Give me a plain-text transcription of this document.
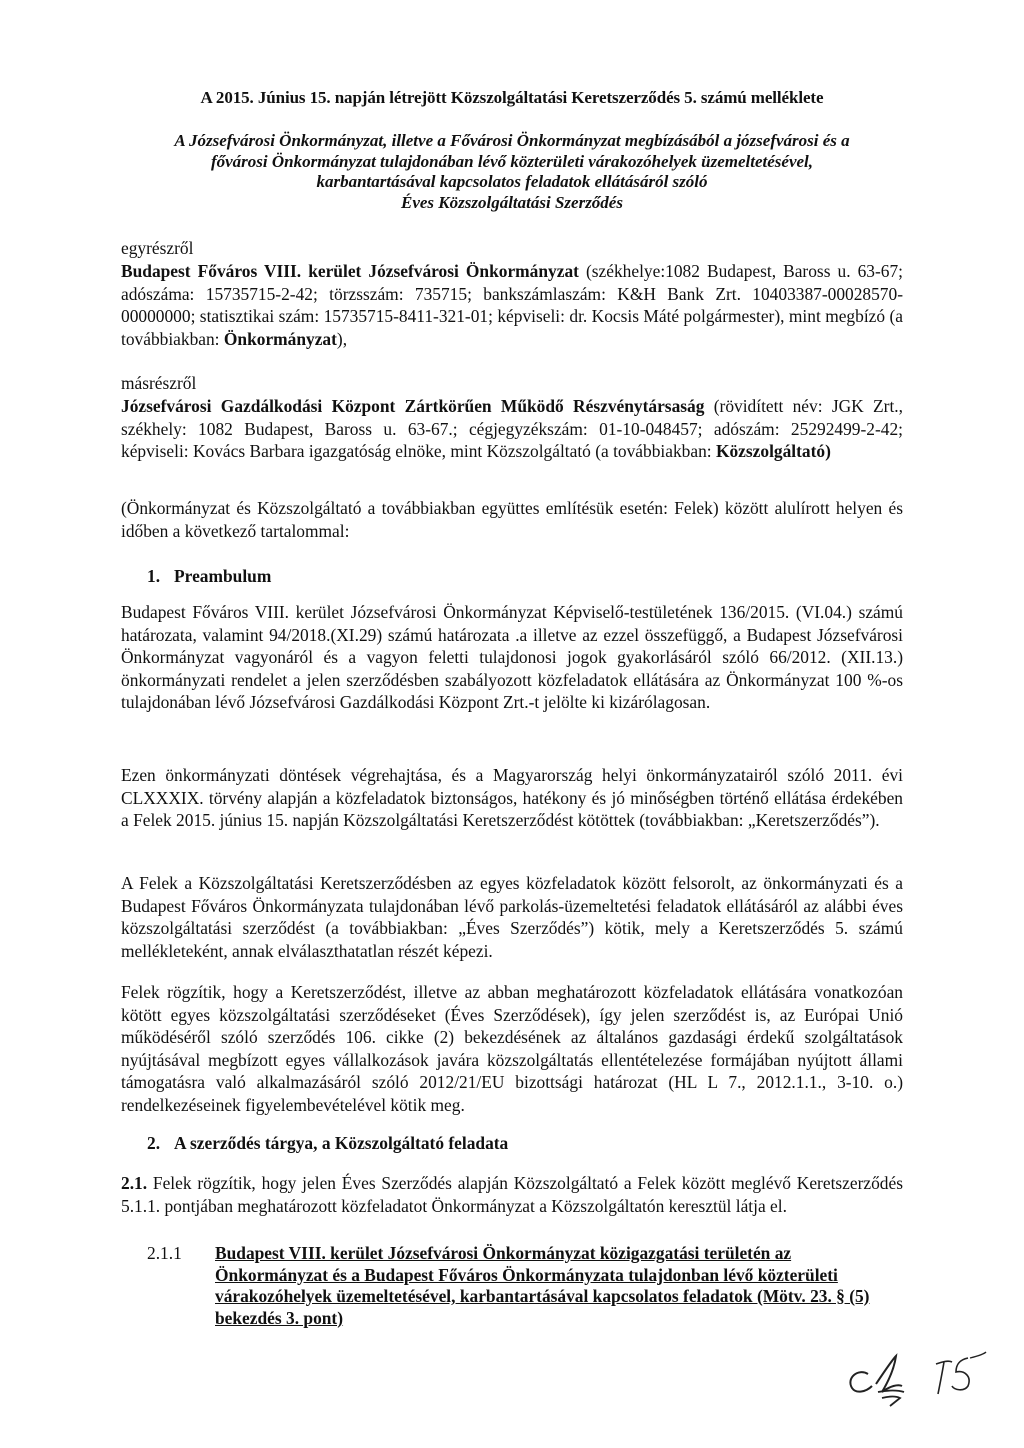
A 2015. Június 15. napján létrejött Közszolgáltatási Keretszerződés 5. számú melléklete

A Józsefvárosi Önkormányzat, illetve a Fővárosi Önkormányzat megbízásából a józsefvárosi és a
fővárosi Önkormányzat tulajdonában lévő közterületi várakozóhelyek üzemeltetésével,
karbantartásával kapcsolatos feladatok ellátásáról szóló
Éves Közszolgáltatási Szerződés

egyrészről

Budapest Főváros VIII. kerület Józsefvárosi Önkormányzat (székhelye:1082 Budapest, Baross u. 63-67; adószáma: 15735715-2-42; törzsszám: 735715; bankszámlaszám: K&H Bank Zrt. 10403387-00028570-00000000; statisztikai szám: 15735715-8411-321-01; képviseli: dr. Kocsis Máté polgármester), mint megbízó (a továbbiakban: Önkormányzat),

másrészről

Józsefvárosi Gazdálkodási Központ Zártkörűen Működő Részvénytársaság (rövidített név: JGK Zrt., székhely: 1082 Budapest, Baross u. 63-67.; cégjegyzékszám: 01-10-048457; adószám: 25292499-2-42; képviseli: Kovács Barbara igazgatóság elnöke, mint Közszolgáltató (a továbbiakban: Közszolgáltató)

(Önkormányzat és Közszolgáltató a továbbiakban együttes említésük esetén: Felek) között alulírott helyen és időben a következő tartalommal:

1. Preambulum

Budapest Főváros VIII. kerület Józsefvárosi Önkormányzat Képviselő-testületének 136/2015. (VI.04.) számú határozata, valamint 94/2018.(XI.29) számú határozata .a illetve az ezzel összefüggő, a Budapest Józsefvárosi Önkormányzat vagyonáról és a vagyon feletti tulajdonosi jogok gyakorlásáról szóló 66/2012. (XII.13.) önkormányzati rendelet a jelen szerződésben szabályozott közfeladatok ellátására az Önkormányzat 100 %-os tulajdonában lévő Józsefvárosi Gazdálkodási Központ Zrt.-t jelölte ki kizárólagosan.

Ezen önkormányzati döntések végrehajtása, és a Magyarország helyi önkormányzatairól szóló 2011. évi CLXXXIX. törvény alapján a közfeladatok biztonságos, hatékony és jó minőségben történő ellátása érdekében a Felek 2015. június 15. napján Közszolgáltatási Keretszerződést kötöttek (továbbiakban: „Keretszerződés”).

A Felek a Közszolgáltatási Keretszerződésben az egyes közfeladatok között felsorolt, az önkormányzati és a Budapest Főváros Önkormányzata tulajdonában lévő parkolás-üzemeltetési feladatok ellátásáról az alábbi éves közszolgáltatási szerződést (a továbbiakban: „Éves Szerződés”) kötik, mely a Keretszerződés 5. számú mellékleteként, annak elválaszthatatlan részét képezi.

Felek rögzítik, hogy a Keretszerződést, illetve az abban meghatározott közfeladatok ellátására vonatkozóan kötött egyes közszolgáltatási szerződéseket (Éves Szerződések), így jelen szerződést is, az Európai Unió működéséről szóló szerződés 106. cikke (2) bekezdésének az általános gazdasági érdekű szolgáltatások nyújtásával megbízott egyes vállalkozások javára közszolgáltatás ellentételezése formájában nyújtott állami támogatásra való alkalmazásáról szóló 2012/21/EU bizottsági határozat (HL L 7., 2012.1.1., 3-10. o.) rendelkezéseinek figyelembevételével kötik meg.

2. A szerződés tárgya, a Közszolgáltató feladata

2.1. Felek rögzítik, hogy jelen Éves Szerződés alapján Közszolgáltató a Felek között meglévő Keretszerződés 5.1.1. pontjában meghatározott közfeladatot Önkormányzat a Közszolgáltatón keresztül látja el.

2.1.1 Budapest VIII. kerület Józsefvárosi Önkormányzat közigazgatási területén az Önkormányzat és a Budapest Főváros Önkormányzata tulajdonban lévő közterületi várakozóhelyek üzemeltetésével, karbantartásával kapcsolatos feladatok (Mötv. 23. § (5) bekezdés 3. pont)
